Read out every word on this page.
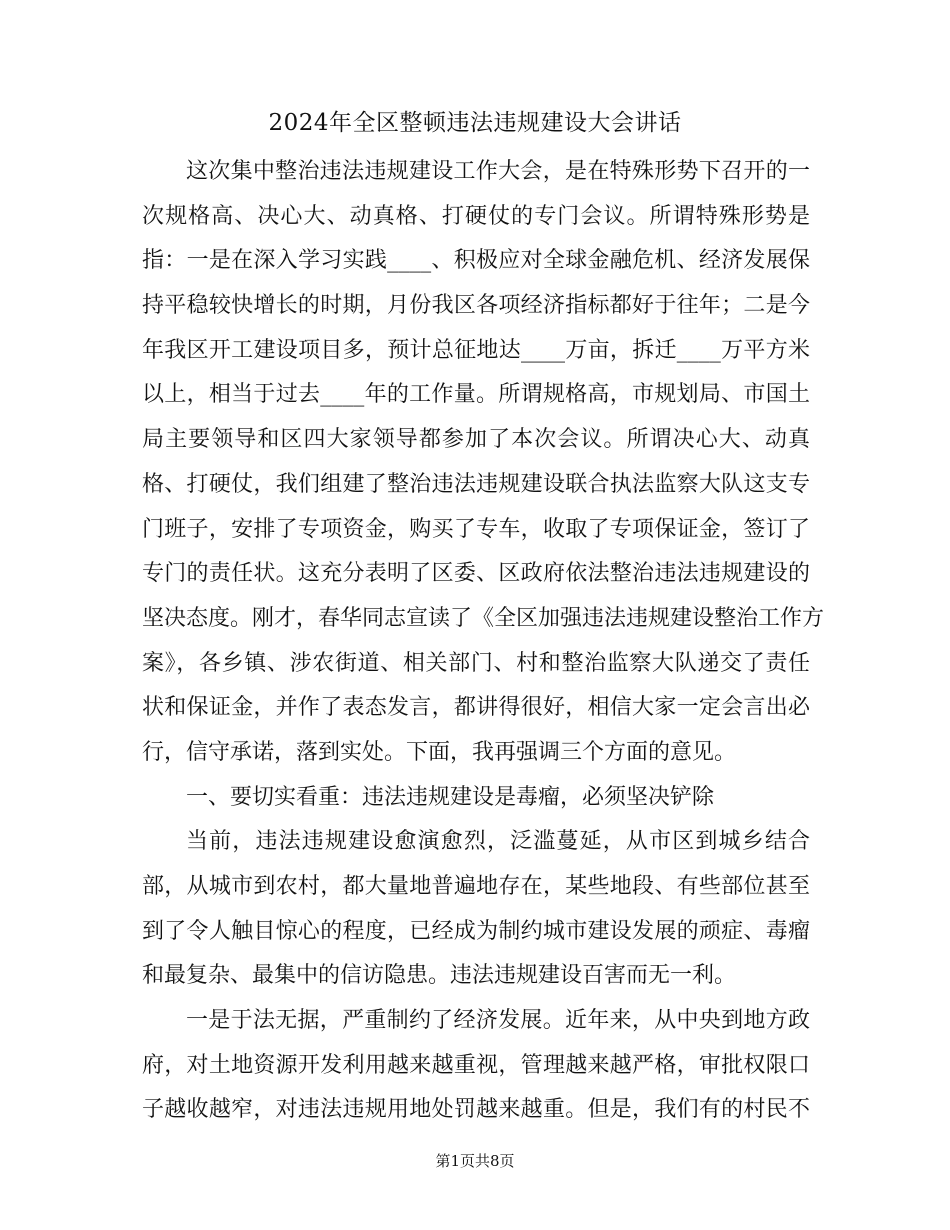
2024年全区整顿违法违规建设大会讲话
这次集中整治违法违规建设工作大会，是在特殊形势下召开的一
次规格高、决心大、动真格、打硬仗的专门会议。所谓特殊形势是
指：一是在深入学习实践____、积极应对全球金融危机、经济发展保
持平稳较快增长的时期，月份我区各项经济指标都好于往年；二是今
年我区开工建设项目多，预计总征地达____万亩，拆迁____万平方米
以上，相当于过去____年的工作量。所谓规格高，市规划局、市国土
局主要领导和区四大家领导都参加了本次会议。所谓决心大、动真
格、打硬仗，我们组建了整治违法违规建设联合执法监察大队这支专
门班子，安排了专项资金，购买了专车，收取了专项保证金，签订了
专门的责任状。这充分表明了区委、区政府依法整治违法违规建设的
坚决态度。刚才，春华同志宣读了《全区加强违法违规建设整治工作方
案》，各乡镇、涉农街道、相关部门、村和整治监察大队递交了责任
状和保证金，并作了表态发言，都讲得很好，相信大家一定会言出必
行，信守承诺，落到实处。下面，我再强调三个方面的意见。
一、要切实看重：违法违规建设是毒瘤，必须坚决铲除
当前，违法违规建设愈演愈烈，泛滥蔓延，从市区到城乡结合
部，从城市到农村，都大量地普遍地存在，某些地段、有些部位甚至
到了令人触目惊心的程度，已经成为制约城市建设发展的顽症、毒瘤
和最复杂、最集中的信访隐患。违法违规建设百害而无一利。
一是于法无据，严重制约了经济发展。近年来，从中央到地方政
府，对土地资源开发利用越来越重视，管理越来越严格，审批权限口
子越收越窄，对违法违规用地处罚越来越重。但是，我们有的村民不
第1页共8页
